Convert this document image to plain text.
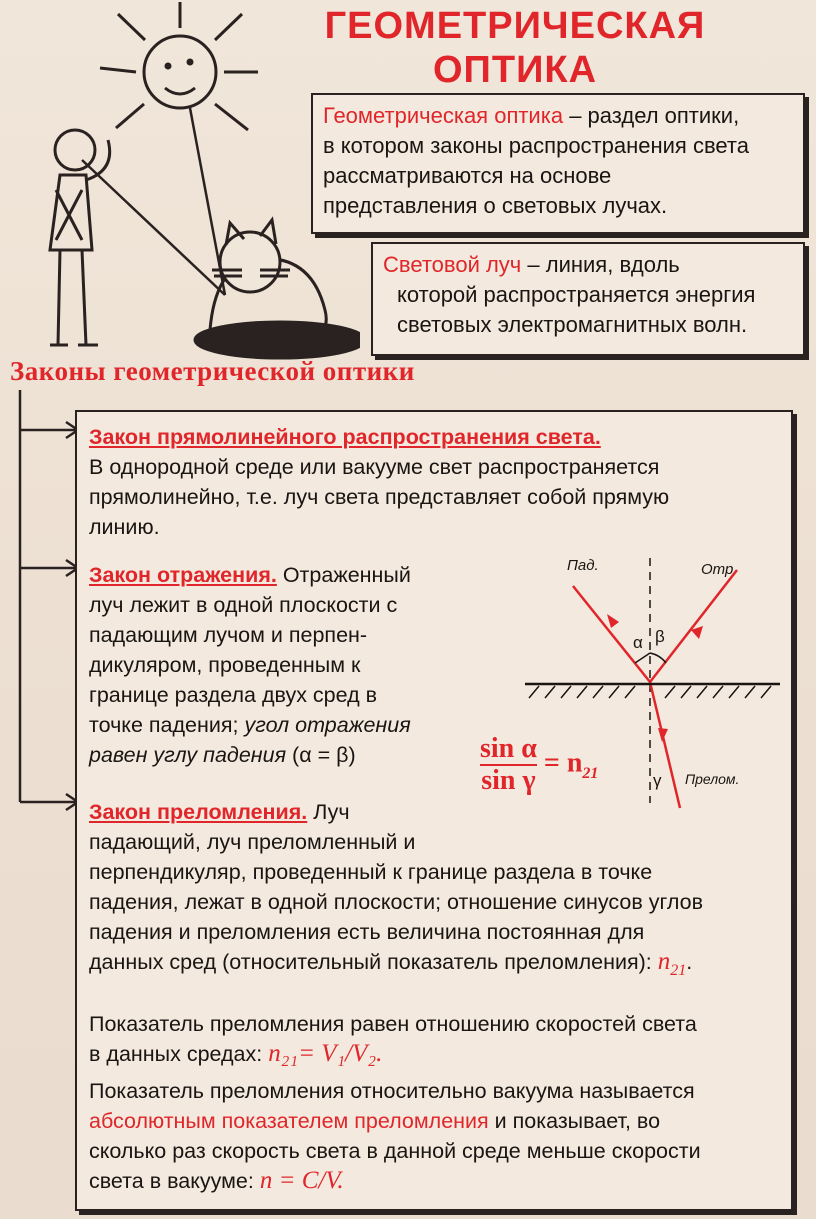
ГЕОМЕТРИЧЕСКАЯ
ОПТИКА
Геометрическая оптика – раздел оптики,
в котором законы распространения света
рассматриваются на основе
представления о световых лучах.
Световой луч – линия, вдоль
которой распространяется энергия
световых электромагнитных волн.
Законы геометрической оптики
Закон прямолинейного распространения света.
В однородной среде или вакууме свет распространяется
прямолинейно, т.е. луч света представляет собой прямую
линию.
Закон отражения. Отраженный
луч лежит в одной плоскости с
падающим лучом и перпен-
дикуляром, проведенным к
границе раздела двух сред в
точке падения; угол отражения
равен углу падения (α = β)
Закон преломления. Луч
падающий, луч преломленный и
перпендикуляр, проведенный к границе раздела в точке
падения, лежат в одной плоскости; отношение синусов углов
падения и преломления есть величина постоянная для
данных сред (относительный показатель преломления): $n_{21}$.
Показатель преломления равен отношению скоростей света
в данных средах: n₂₁= V₁/V₂.
Показатель преломления относительно вакуума называется
абсолютным показателем преломления и показывает, во
сколько раз скорость света в данной среде меньше скорости
света в вакууме: n = C/V.
Пад.	Отр.
α β
γ Прелом.
$\frac{\text{sin α}}{\text{sin γ}} = n_{21}$
